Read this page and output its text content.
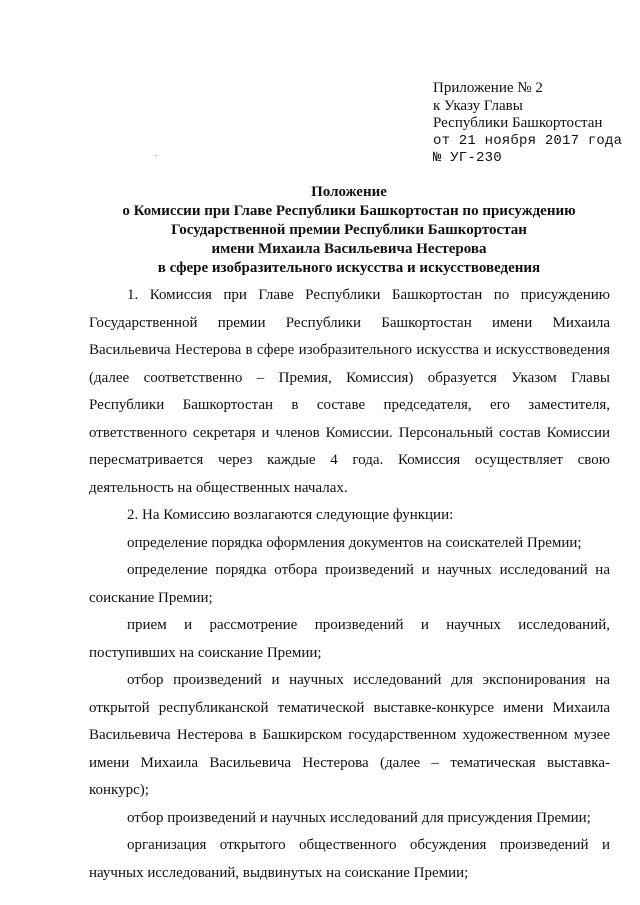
Приложение № 2
к Указу Главы
Республики Башкортостан
от 21 ноября 2017 года
№ УГ-230
Положение
о Комиссии при Главе Республики Башкортостан по присуждению
Государственной премии Республики Башкортостан
имени Михаила Васильевича Нестерова
в сфере изобразительного искусства и искусствоведения

1. Комиссия при Главе Республики Башкортостан по присуждению Государственной премии Республики Башкортостан имени Михаила Васильевича Нестерова в сфере изобразительного искусства и искусствоведения (далее соответственно – Премия, Комиссия) образуется Указом Главы Республики Башкортостан в составе председателя, его заместителя, ответственного секретаря и членов Комиссии. Персональный состав Комиссии пересматривается через каждые 4 года. Комиссия осуществляет свою деятельность на общественных началах.

2. На Комиссию возлагаются следующие функции:

определение порядка оформления документов на соискателей Премии;

определение порядка отбора произведений и научных исследований на соискание Премии;

прием и рассмотрение произведений и научных исследований, поступивших на соискание Премии;

отбор произведений и научных исследований для экспонирования на открытой республиканской тематической выставке-конкурсе имени Михаила Васильевича Нестерова в Башкирском государственном художественном музее имени Михаила Васильевича Нестерова (далее – тематическая выставка-конкурс);

отбор произведений и научных исследований для присуждения Премии;

организация открытого общественного обсуждения произведений и научных исследований, выдвинутых на соискание Премии;
